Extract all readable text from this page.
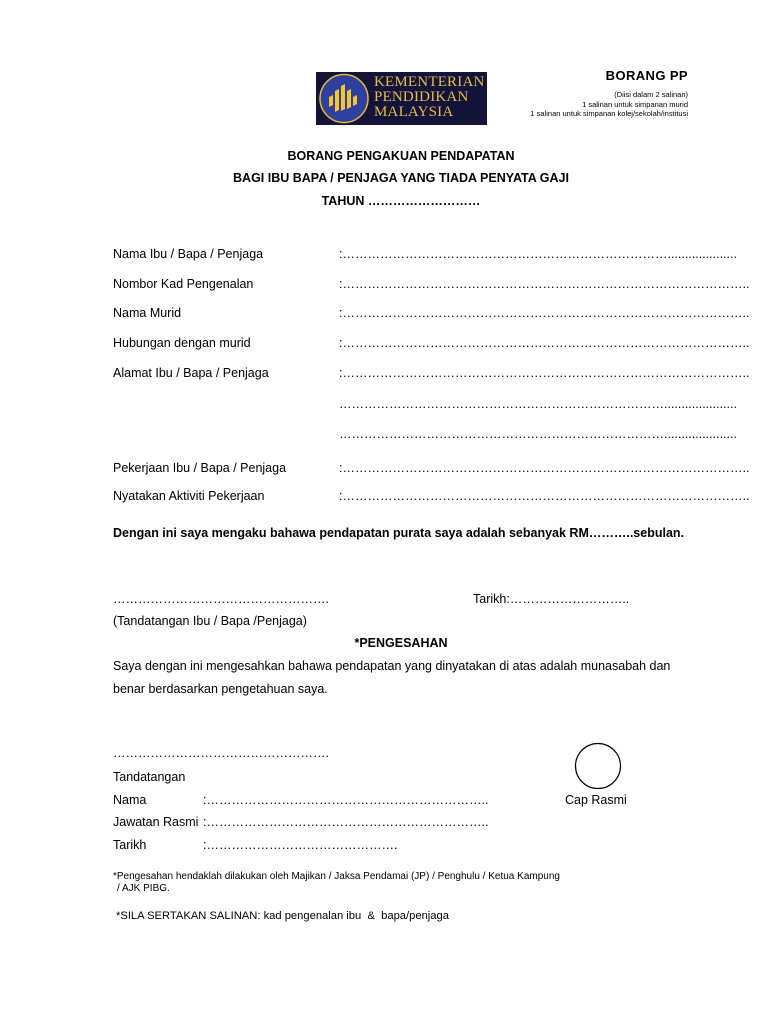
KEMENTERIAN
PENDIDIKAN
MALAYSIA
BORANG PP
(Diisi dalam 2 salinan)
1 salinan untuk simpanan murid
1 salinan untuk simpanan kolej/sekolah/institusi
BORANG PENGAKUAN PENDAPATAN
BAGI IBU BAPA / PENJAGA YANG TIADA PENYATA GAJI
TAHUN ………………………
Nama Ibu / Bapa / Penjaga	:……………………………………………………………………....................
Nombor Kad Pengenalan	:……………………………………………………………………………………..
Nama Murid	:……………………………………………………………………………………..
Hubungan dengan murid	:……………………………………………………………………………………..
Alamat Ibu / Bapa / Penjaga	:……………………………………………………………………………………..
…………………………………………………………………….....................
…………………………………………………………………….....................
Pekerjaan Ibu / Bapa / Penjaga	:……………………………………………………………………………………..
Nyatakan Aktiviti Pekerjaan	:……………………………………………………………………………………..
Dengan ini saya mengaku bahawa pendapatan purata saya adalah sebanyak RM………..sebulan.
…………………………………………….	Tarikh:………………………..
(Tandatangan Ibu / Bapa /Penjaga)
*PENGESAHAN
Saya dengan ini mengesahkan bahawa pendapatan yang dinyatakan di atas adalah munasabah dan
benar berdasarkan pengetahuan saya.
…………………………………………….
Tandatangan
Nama	:…………………………………………………………..
Jawatan Rasmi :…………………………………………………………..
Tarikh	:……………………………………….
Cap Rasmi
*Pengesahan hendaklah dilakukan oleh Majikan / Jaksa Pendamai (JP) / Penghulu / Ketua Kampung
/ AJK PIBG.
*SILA SERTAKAN SALINAN: kad pengenalan ibu  &  bapa/penjaga
